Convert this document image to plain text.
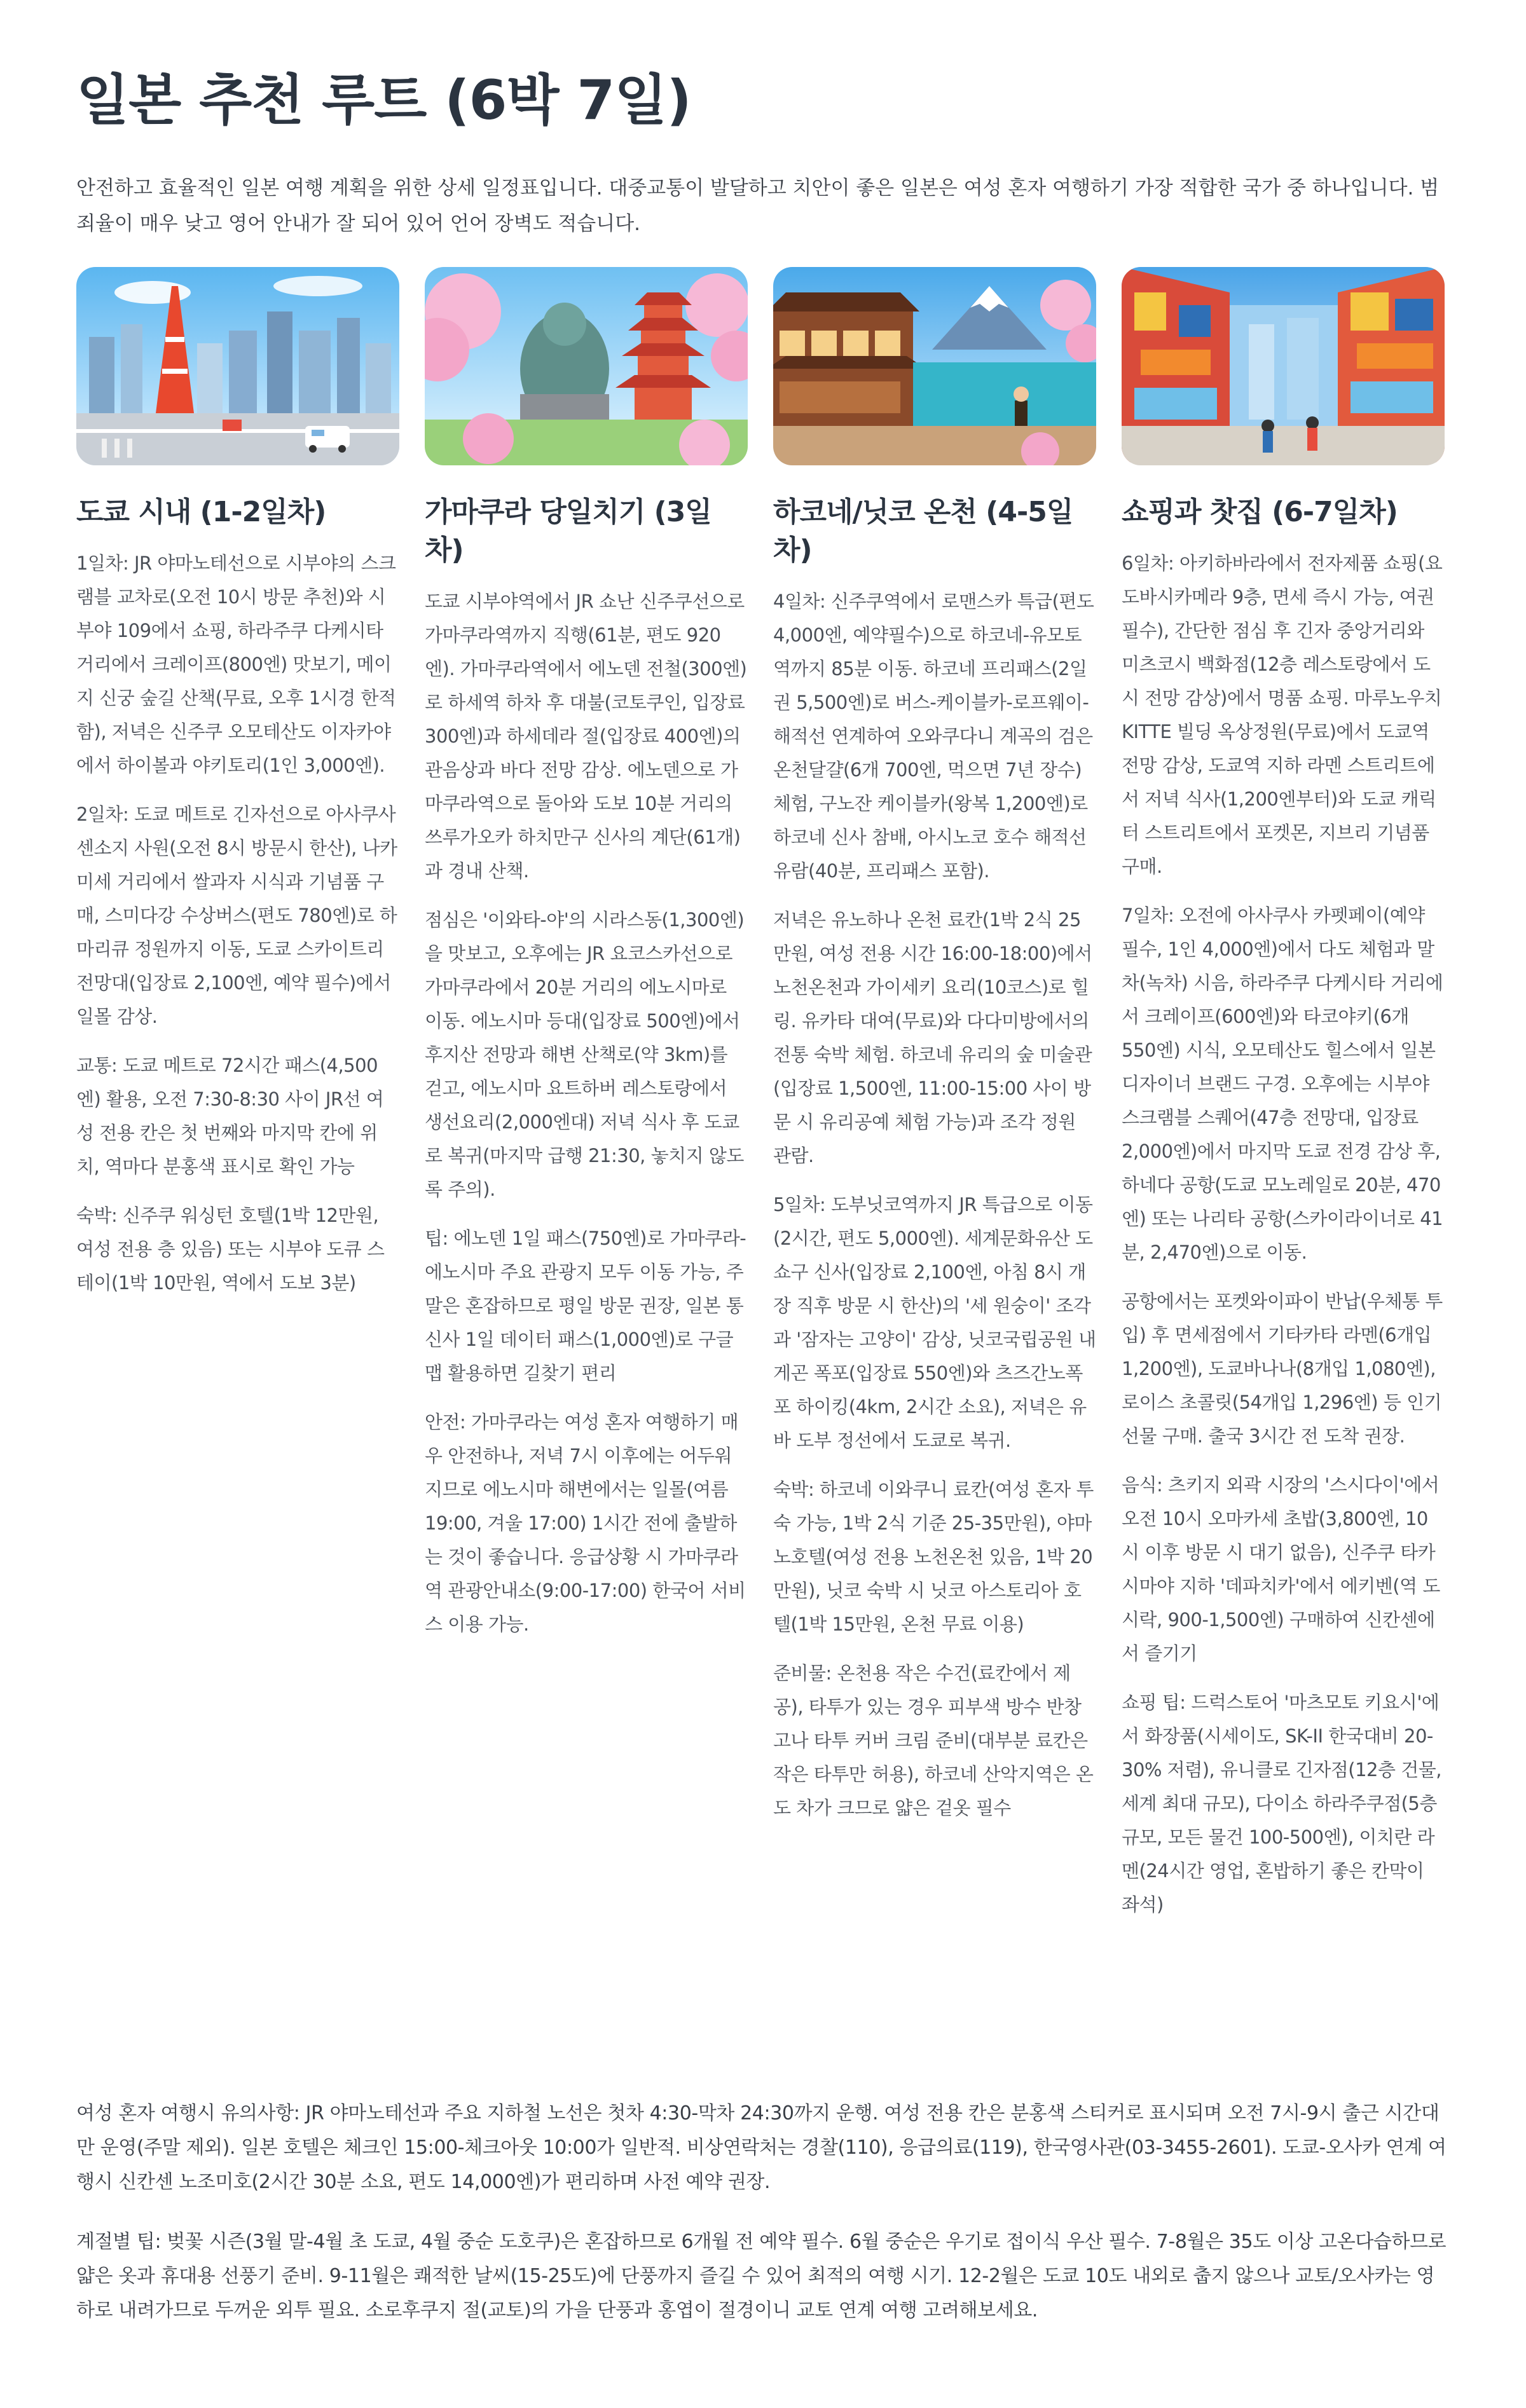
일본 추천 루트 (6박 7일)

안전하고 효율적인 일본 여행 계획을 위한 상세 일정표입니다. 대중교통이 발달하고 치안이 좋은 일본은 여성 혼자 여행하기 가장 적합한 국가 중 하나입니다. 범죄율이 매우 낮고 영어 안내가 잘 되어 있어 언어 장벽도 적습니다.

도쿄 시내 (1-2일차)

1일차: JR 야마노테선으로 시부야의 스크램블 교차로(오전 10시 방문 추천)와 시부야 109에서 쇼핑, 하라주쿠 다케시타 거리에서 크레이프(800엔) 맛보기, 메이지 신궁 숲길 산책(무료, 오후 1시경 한적함), 저녁은 신주쿠 오모테산도 이자카야에서 하이볼과 야키토리(1인 3,000엔).

2일차: 도쿄 메트로 긴자선으로 아사쿠사 센소지 사원(오전 8시 방문시 한산), 나카미세 거리에서 쌀과자 시식과 기념품 구매, 스미다강 수상버스(편도 780엔)로 하마리큐 정원까지 이동, 도쿄 스카이트리 전망대(입장료 2,100엔, 예약 필수)에서 일몰 감상.

교통: 도쿄 메트로 72시간 패스(4,500엔) 활용, 오전 7:30-8:30 사이 JR선 여성 전용 칸은 첫 번째와 마지막 칸에 위치, 역마다 분홍색 표시로 확인 가능

숙박: 신주쿠 워싱턴 호텔(1박 12만원, 여성 전용 층 있음) 또는 시부야 도큐 스테이(1박 10만원, 역에서 도보 3분)

가마쿠라 당일치기 (3일차)

도쿄 시부야역에서 JR 쇼난 신주쿠선으로 가마쿠라역까지 직행(61분, 편도 920엔). 가마쿠라역에서 에노덴 전철(300엔)로 하세역 하차 후 대불(코토쿠인, 입장료 300엔)과 하세데라 절(입장료 400엔)의 관음상과 바다 전망 감상. 에노덴으로 가마쿠라역으로 돌아와 도보 10분 거리의 쓰루가오카 하치만구 신사의 계단(61개)과 경내 산책.

점심은 '이와타-야'의 시라스동(1,300엔)을 맛보고, 오후에는 JR 요코스카선으로 가마쿠라에서 20분 거리의 에노시마로 이동. 에노시마 등대(입장료 500엔)에서 후지산 전망과 해변 산책로(약 3km)를 걷고, 에노시마 요트하버 레스토랑에서 생선요리(2,000엔대) 저녁 식사 후 도쿄로 복귀(마지막 급행 21:30, 놓치지 않도록 주의).

팁: 에노덴 1일 패스(750엔)로 가마쿠라-에노시마 주요 관광지 모두 이동 가능, 주말은 혼잡하므로 평일 방문 권장, 일본 통신사 1일 데이터 패스(1,000엔)로 구글맵 활용하면 길찾기 편리

안전: 가마쿠라는 여성 혼자 여행하기 매우 안전하나, 저녁 7시 이후에는 어두워지므로 에노시마 해변에서는 일몰(여름 19:00, 겨울 17:00) 1시간 전에 출발하는 것이 좋습니다. 응급상황 시 가마쿠라역 관광안내소(9:00-17:00) 한국어 서비스 이용 가능.

하코네/닛코 온천 (4-5일차)

4일차: 신주쿠역에서 로맨스카 특급(편도 4,000엔, 예약필수)으로 하코네-유모토역까지 85분 이동. 하코네 프리패스(2일권 5,500엔)로 버스-케이블카-로프웨이-해적선 연계하여 오와쿠다니 계곡의 검은 온천달걀(6개 700엔, 먹으면 7년 장수) 체험, 구노잔 케이블카(왕복 1,200엔)로 하코네 신사 참배, 아시노코 호수 해적선 유람(40분, 프리패스 포함).

저녁은 유노하나 온천 료칸(1박 2식 25만원, 여성 전용 시간 16:00-18:00)에서 노천온천과 가이세키 요리(10코스)로 힐링. 유카타 대여(무료)와 다다미방에서의 전통 숙박 체험. 하코네 유리의 숲 미술관(입장료 1,500엔, 11:00-15:00 사이 방문 시 유리공예 체험 가능)과 조각 정원 관람.

5일차: 도부닛코역까지 JR 특급으로 이동(2시간, 편도 5,000엔). 세계문화유산 도쇼구 신사(입장료 2,100엔, 아침 8시 개장 직후 방문 시 한산)의 '세 원숭이' 조각과 '잠자는 고양이' 감상, 닛코국립공원 내 게곤 폭포(입장료 550엔)와 츠즈간노폭포 하이킹(4km, 2시간 소요), 저녁은 유바 도부 정선에서 도쿄로 복귀.

숙박: 하코네 이와쿠니 료칸(여성 혼자 투숙 가능, 1박 2식 기준 25-35만원), 야마노호텔(여성 전용 노천온천 있음, 1박 20만원), 닛코 숙박 시 닛코 아스토리아 호텔(1박 15만원, 온천 무료 이용)

준비물: 온천용 작은 수건(료칸에서 제공), 타투가 있는 경우 피부색 방수 반창고나 타투 커버 크림 준비(대부분 료칸은 작은 타투만 허용), 하코네 산악지역은 온도 차가 크므로 얇은 겉옷 필수

쇼핑과 찻집 (6-7일차)

6일차: 아키하바라에서 전자제품 쇼핑(요도바시카메라 9층, 면세 즉시 가능, 여권 필수), 간단한 점심 후 긴자 중앙거리와 미츠코시 백화점(12층 레스토랑에서 도시 전망 감상)에서 명품 쇼핑. 마루노우치 KITTE 빌딩 옥상정원(무료)에서 도쿄역 전망 감상, 도쿄역 지하 라멘 스트리트에서 저녁 식사(1,200엔부터)와 도쿄 캐릭터 스트리트에서 포켓몬, 지브리 기념품 구매.

7일차: 오전에 아사쿠사 카펫페이(예약 필수, 1인 4,000엔)에서 다도 체험과 말차(녹차) 시음, 하라주쿠 다케시타 거리에서 크레이프(600엔)와 타코야키(6개 550엔) 시식, 오모테산도 힐스에서 일본 디자이너 브랜드 구경. 오후에는 시부야 스크램블 스퀘어(47층 전망대, 입장료 2,000엔)에서 마지막 도쿄 전경 감상 후, 하네다 공항(도쿄 모노레일로 20분, 470엔) 또는 나리타 공항(스카이라이너로 41분, 2,470엔)으로 이동.

공항에서는 포켓와이파이 반납(우체통 투입) 후 면세점에서 기타카타 라멘(6개입 1,200엔), 도쿄바나나(8개입 1,080엔), 로이스 초콜릿(54개입 1,296엔) 등 인기 선물 구매. 출국 3시간 전 도착 권장.

음식: 츠키지 외곽 시장의 '스시다이'에서 오전 10시 오마카세 초밥(3,800엔, 10시 이후 방문 시 대기 없음), 신주쿠 타카시마야 지하 '데파치카'에서 에키벤(역 도시락, 900-1,500엔) 구매하여 신칸센에서 즐기기

쇼핑 팁: 드럭스토어 '마츠모토 키요시'에서 화장품(시세이도, SK-II 한국대비 20-30% 저렴), 유니클로 긴자점(12층 건물, 세계 최대 규모), 다이소 하라주쿠점(5층 규모, 모든 물건 100-500엔), 이치란 라멘(24시간 영업, 혼밥하기 좋은 칸막이 좌석)

여성 혼자 여행시 유의사항: JR 야마노테선과 주요 지하철 노선은 첫차 4:30-막차 24:30까지 운행. 여성 전용 칸은 분홍색 스티커로 표시되며 오전 7시-9시 출근 시간대만 운영(주말 제외). 일본 호텔은 체크인 15:00-체크아웃 10:00가 일반적. 비상연락처는 경찰(110), 응급의료(119), 한국영사관(03-3455-2601). 도쿄-오사카 연계 여행시 신칸센 노조미호(2시간 30분 소요, 편도 14,000엔)가 편리하며 사전 예약 권장.

계절별 팁: 벚꽃 시즌(3월 말-4월 초 도쿄, 4월 중순 도호쿠)은 혼잡하므로 6개월 전 예약 필수. 6월 중순은 우기로 접이식 우산 필수. 7-8월은 35도 이상 고온다습하므로 얇은 옷과 휴대용 선풍기 준비. 9-11월은 쾌적한 날씨(15-25도)에 단풍까지 즐길 수 있어 최적의 여행 시기. 12-2월은 도쿄 10도 내외로 춥지 않으나 교토/오사카는 영하로 내려가므로 두꺼운 외투 필요. 소로후쿠지 절(교토)의 가을 단풍과 홍엽이 절경이니 교토 연계 여행 고려해보세요.
